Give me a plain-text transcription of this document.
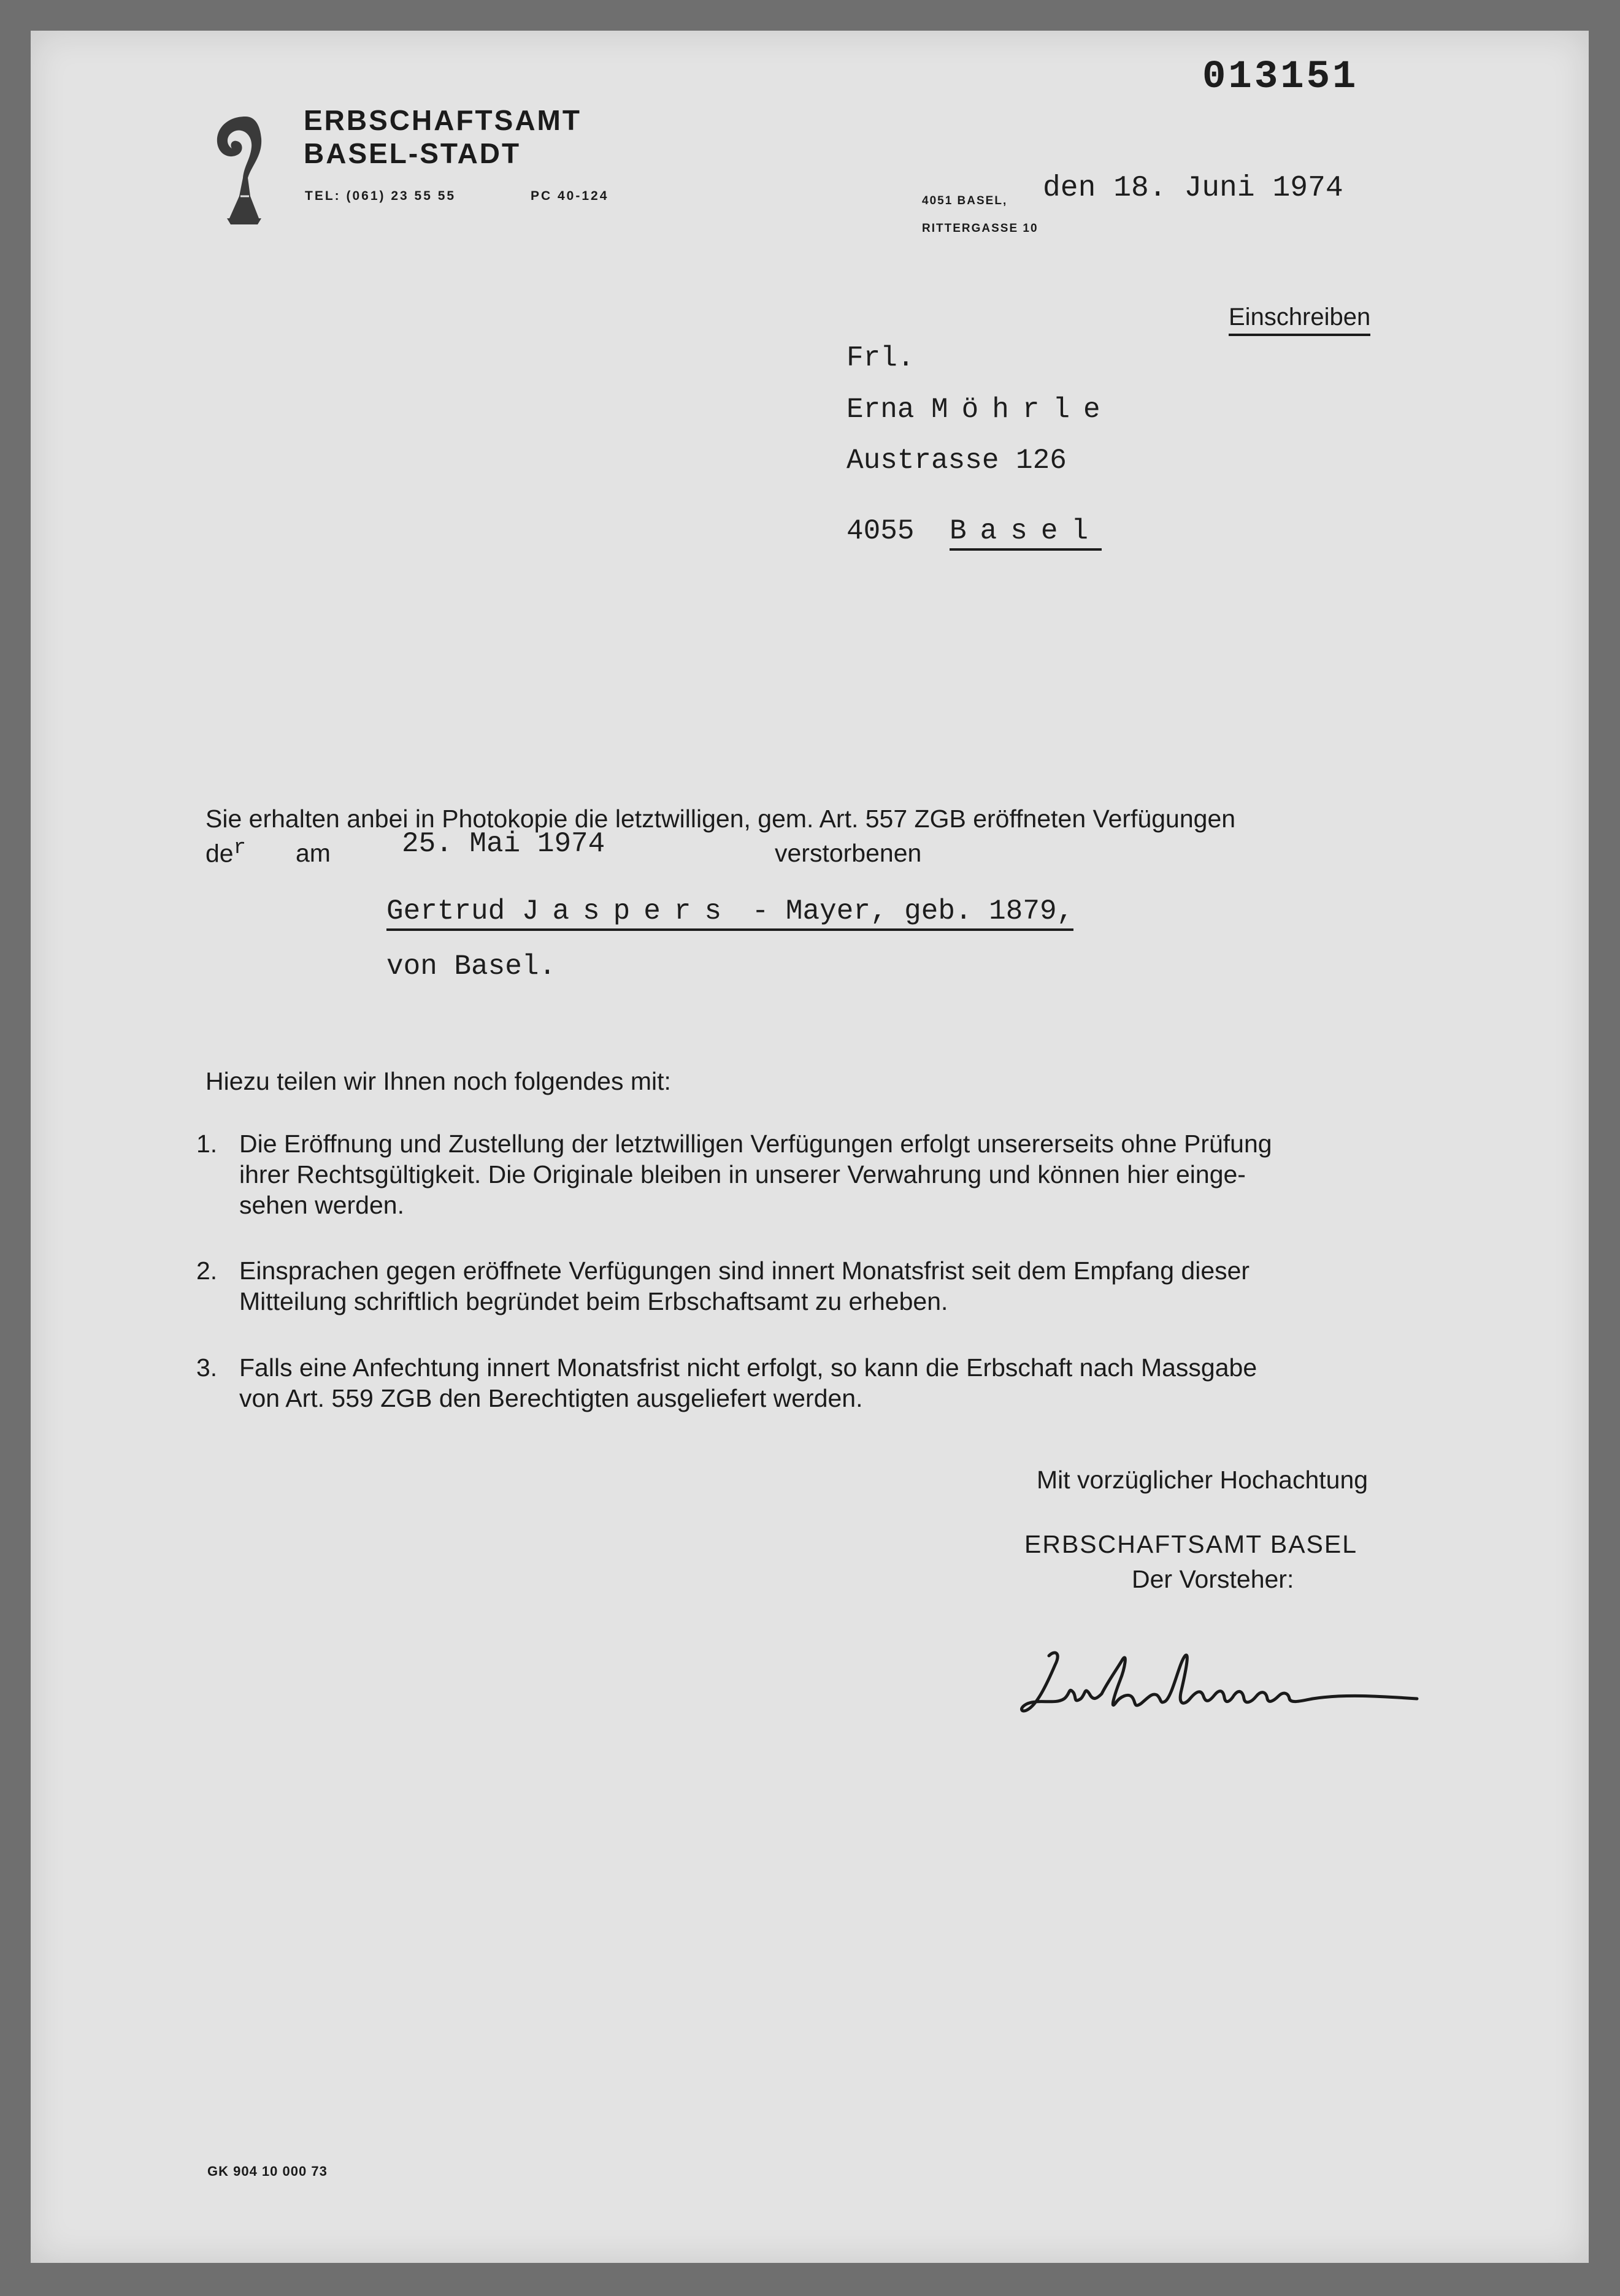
ERBSCHAFTSAMT
BASEL-STADT
TEL: (061) 23 55 55	PC 40-124
013151
4051 BASEL, den 18. Juni 1974
RITTERGASSE 10
Einschreiben
Frl.
Erna Möhrle
Austrasse 126
4055 Basel
Sie erhalten anbei in Photokopie die letztwilligen, gem. Art. 557 ZGB eröffneten Verfügungen
$de^r$ am	25. Mai 1974	verstorbenen
Gertrud Jaspers - Mayer, geb. 1879,
von Basel.
Hiezu teilen wir Ihnen noch folgendes mit:
1. Die Eröffnung und Zustellung der letztwilligen Verfügungen erfolgt unsererseits ohne Prüfung
ihrer Rechtsgültigkeit. Die Originale bleiben in unserer Verwahrung und können hier einge-
sehen werden.
2. Einsprachen gegen eröffnete Verfügungen sind innert Monatsfrist seit dem Empfang dieser
Mitteilung schriftlich begründet beim Erbschaftsamt zu erheben.
3. Falls eine Anfechtung innert Monatsfrist nicht erfolgt, so kann die Erbschaft nach Massgabe
von Art. 559 ZGB den Berechtigten ausgeliefert werden.
Mit vorzüglicher Hochachtung
ERBSCHAFTSAMT BASEL
Der Vorsteher:
GK 904 10 000 73
